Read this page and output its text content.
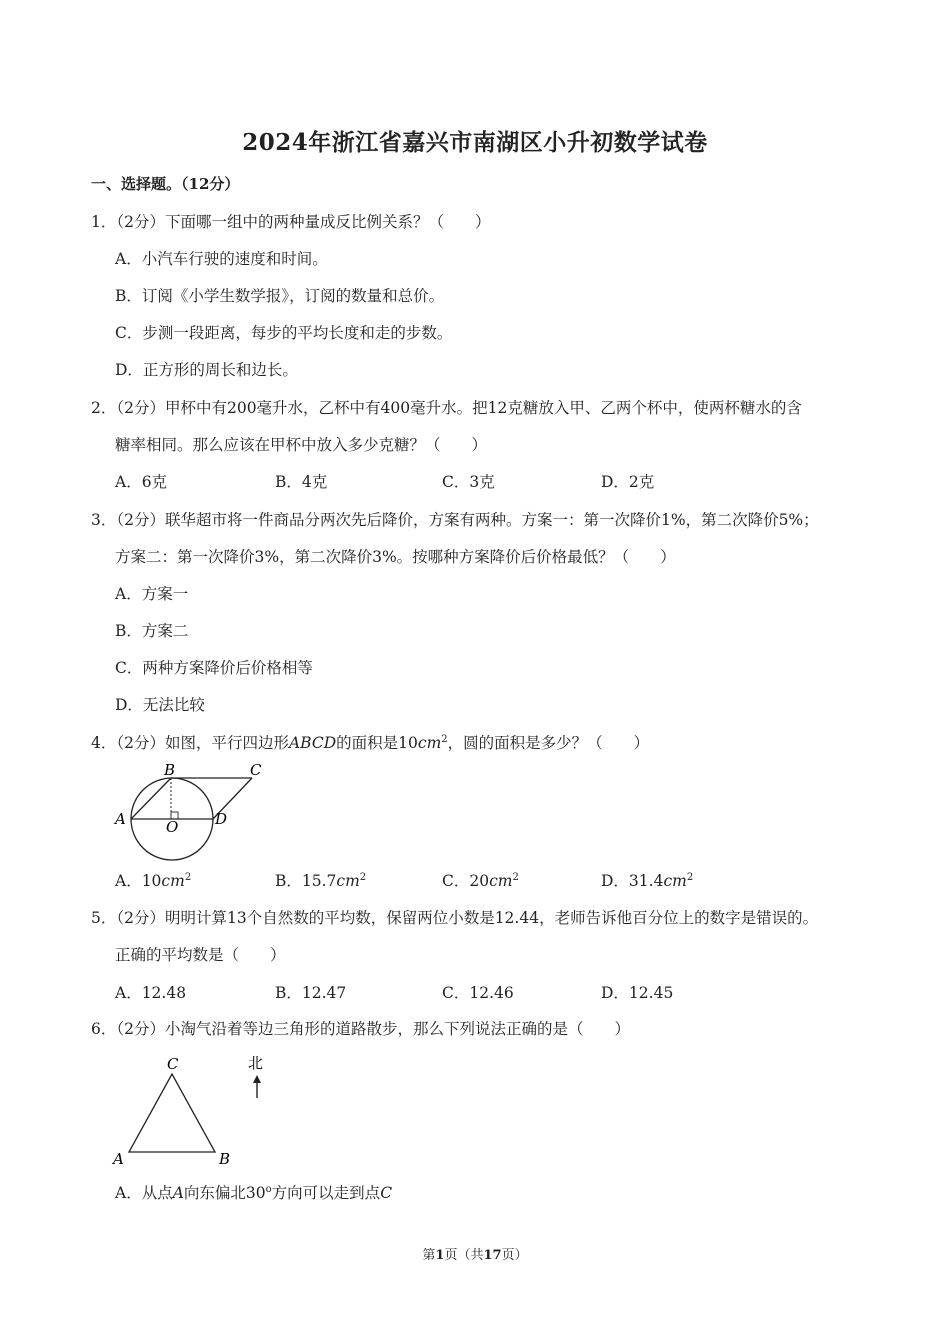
2024年浙江省嘉兴市南湖区小升初数学试卷
一、选择题。（12分）
1．（2分）下面哪一组中的两种量成反比例关系？（　　）
A．小汽车行驶的速度和时间。
B．订阅《小学生数学报》，订阅的数量和总价。
C．步测一段距离，每步的平均长度和走的步数。
D．正方形的周长和边长。
2．（2分）甲杯中有200毫升水，乙杯中有400毫升水。把12克糖放入甲、乙两个杯中，使两杯糖水的含
糖率相同。那么应该在甲杯中放入多少克糖？（　　）
A．6克	B．4克	C．3克	D．2克
3．（2分）联华超市将一件商品分两次先后降价，方案有两种。方案一：第一次降价1%，第二次降价5%；
方案二：第一次降价3%，第二次降价3%。按哪种方案降价后价格最低？（　　）
A．方案一
B．方案二
C．两种方案降价后价格相等
D．无法比较
4．（2分）如图，平行四边形ABCD的面积是$10cm^2$，圆的面积是多少？（　　）
A
B	C
D
O
A．$10cm^2$	B．$15.7cm^2$	C．$20cm^2$	D．$31.4cm^2$
5．（2分）明明计算13个自然数的平均数，保留两位小数是12.44，老师告诉他百分位上的数字是错误的。
正确的平均数是（　　）
A．12.48	B．12.47	C．12.46	D．12.45
6．（2分）小淘气沿着等边三角形的道路散步，那么下列说法正确的是（　　）
A	B
C	北
A．从点A向东偏北30$^o$方向可以走到点C
第1页（共17页）
